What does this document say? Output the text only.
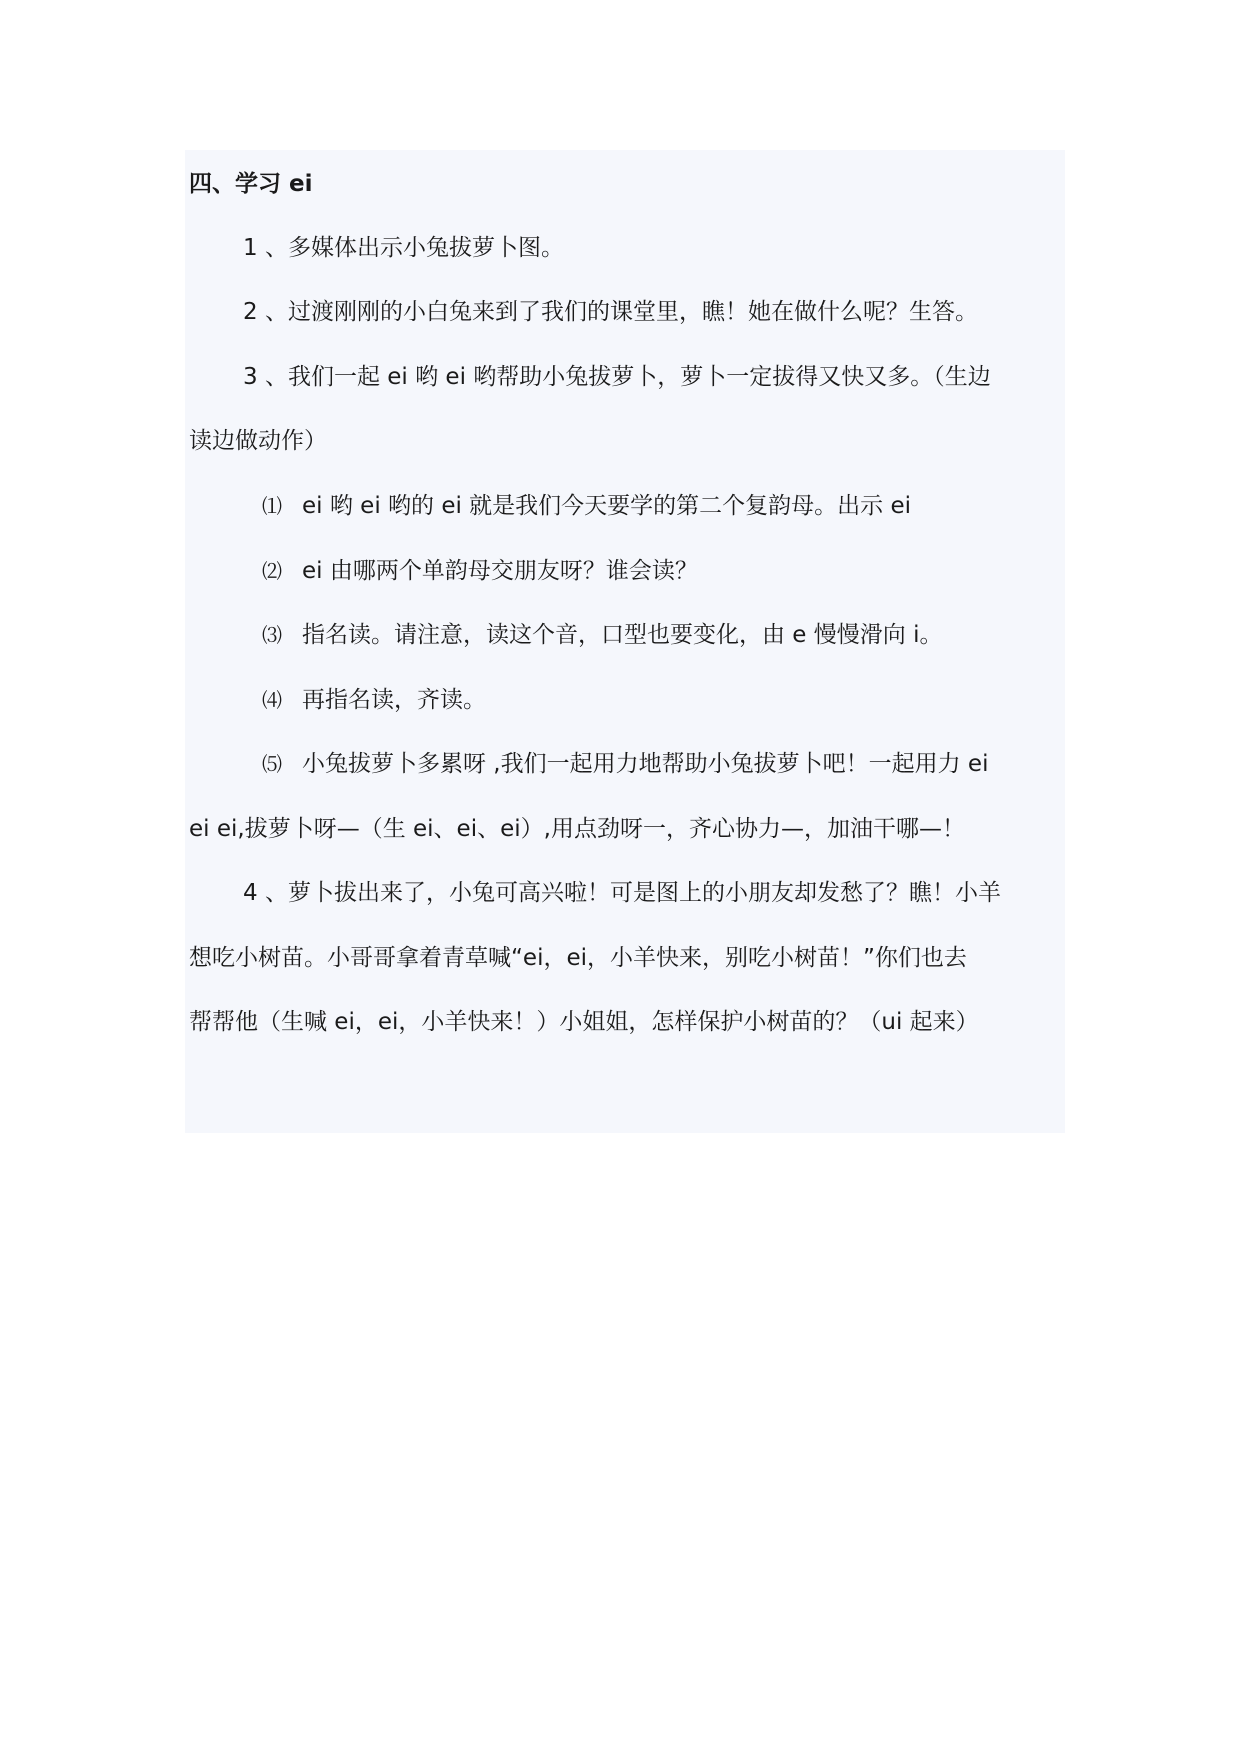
四、学习 ei
1 、多媒体出示小兔拔萝卜图。
2 、过渡刚刚的小白兔来到了我们的课堂里，瞧！她在做什么呢？生答。
3 、我们一起 ei 哟 ei 哟帮助小兔拔萝卜，萝卜一定拔得又快又多。（生边
读边做动作）
⑴ ei 哟 ei 哟的 ei 就是我们今天要学的第二个复韵母。出示 ei
⑵ ei 由哪两个单韵母交朋友呀？谁会读？
⑶ 指名读。请注意，读这个音，口型也要变化，由 e 慢慢滑向 i。
⑷ 再指名读，齐读。
⑸ 小兔拔萝卜多累呀 ,我们一起用力地帮助小兔拔萝卜吧！一起用力 ei
ei ei,拔萝卜呀—（生 ei、ei、ei）,用点劲呀一，齐心协力—，加油干哪—！
4 、萝卜拔出来了，小兔可高兴啦！可是图上的小朋友却发愁了？瞧！小羊
想吃小树苗。小哥哥拿着青草喊“ei，ei，小羊快来，别吃小树苗！”你们也去
帮帮他（生喊 ei，ei，小羊快来！）小姐姐，怎样保护小树苗的？（ui 起来）
